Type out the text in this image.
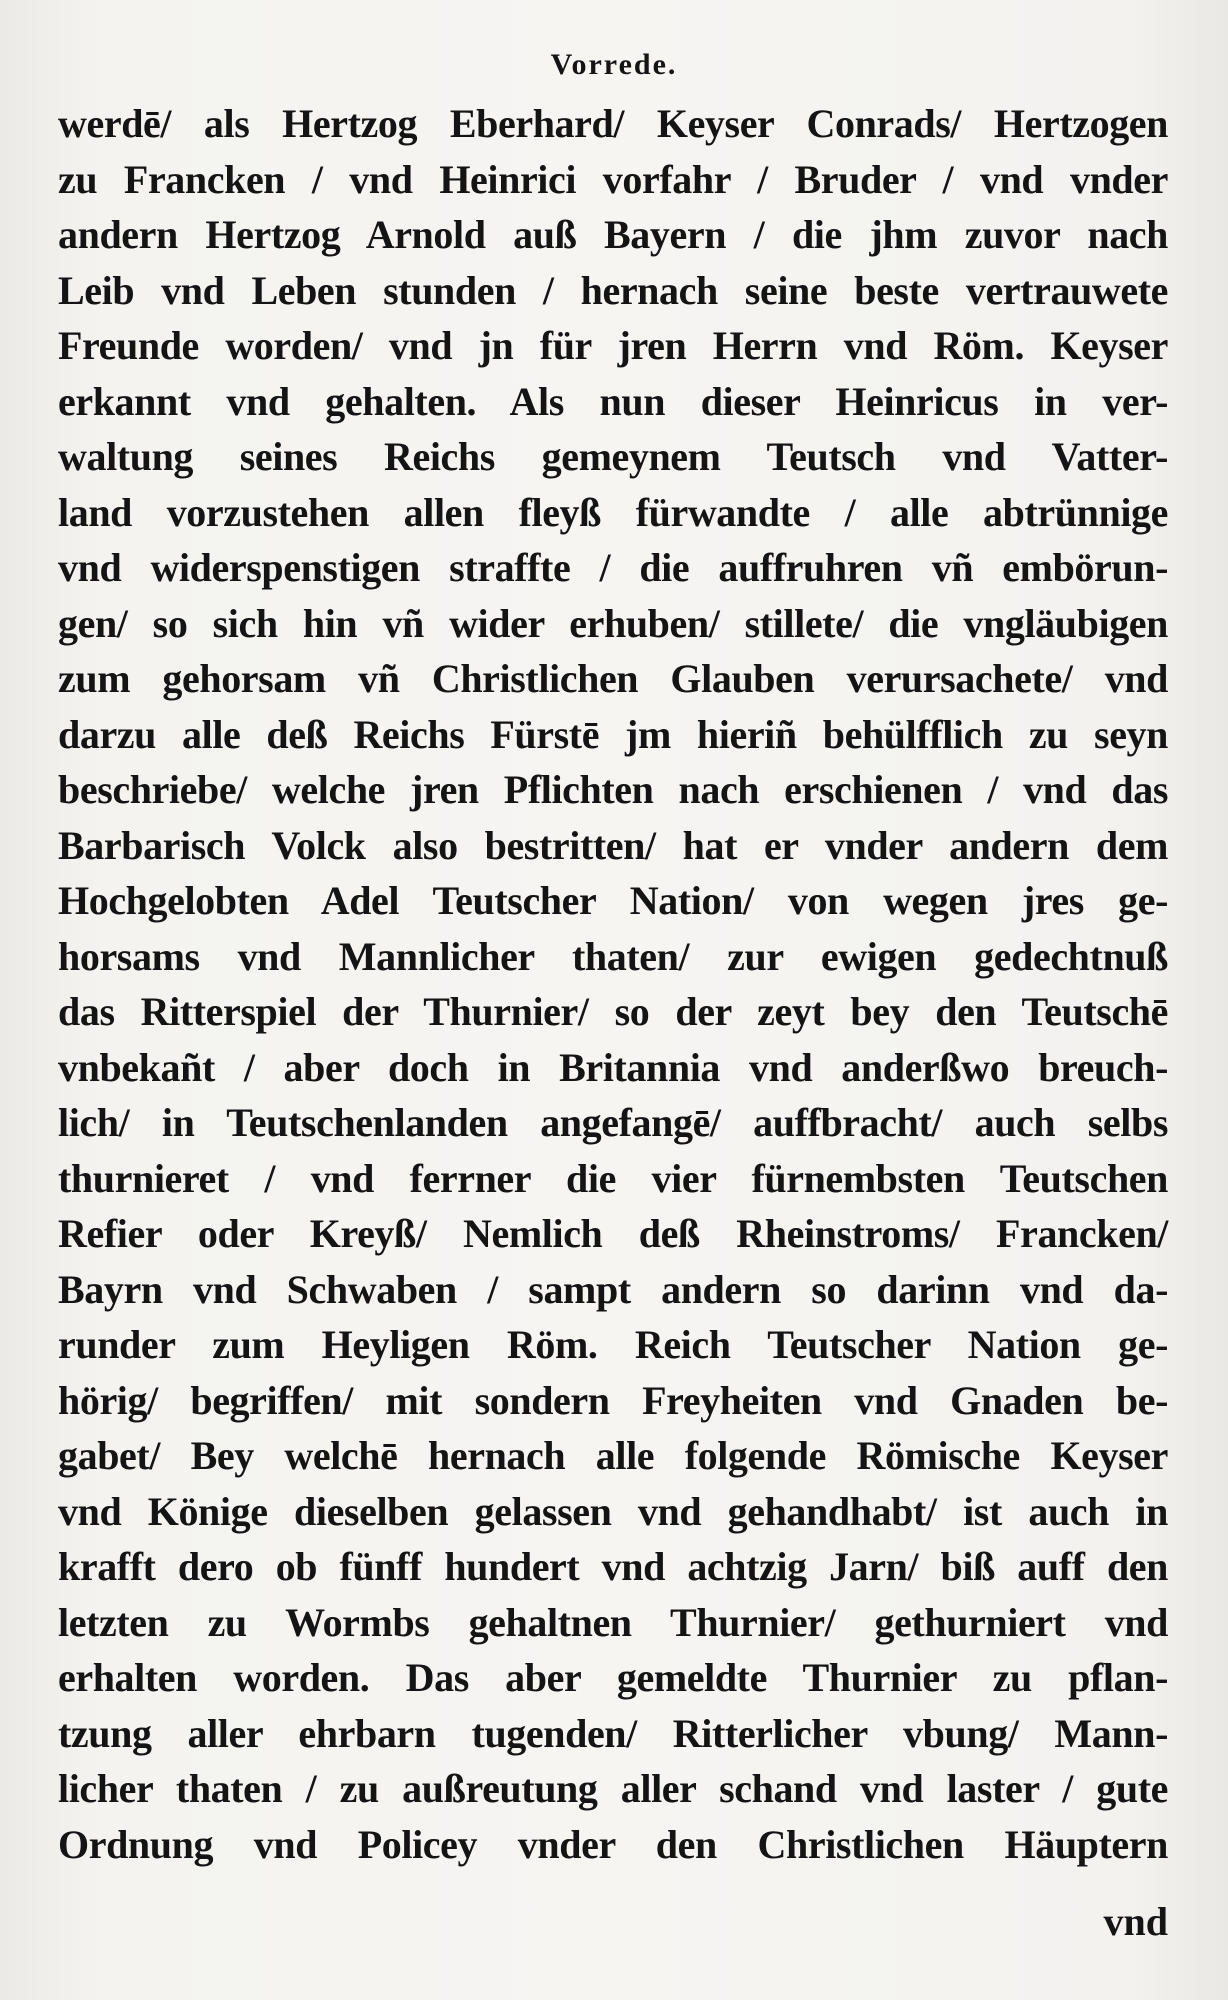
Vorrede.
werdē/ als Hertzog Eberhard/ Keyser Conrads/ Hertzogen
zu Francken / vnd Heinrici vorfahr / Bruder / vnd vnder
andern Hertzog Arnold auß Bayern / die jhm zuvor nach
Leib vnd Leben stunden / hernach seine beste vertrauwete
Freunde worden/ vnd jn für jren Herrn vnd Röm. Keyser
erkannt vnd gehalten. Als nun dieser Heinricus in ver-
waltung seines Reichs gemeynem Teutsch vnd Vatter-
land vorzustehen allen fleyß fürwandte / alle abtrünnige
vnd widerspenstigen straffte / die auffruhren vñ embörun-
gen/ so sich hin vñ wider erhuben/ stillete/ die vngläubigen
zum gehorsam vñ Christlichen Glauben verursachete/ vnd
darzu alle deß Reichs Fürstē jm hieriñ behülfflich zu seyn
beschriebe/ welche jren Pflichten nach erschienen / vnd das
Barbarisch Volck also bestritten/ hat er vnder andern dem
Hochgelobten Adel Teutscher Nation/ von wegen jres ge-
horsams vnd Mannlicher thaten/ zur ewigen gedechtnuß
das Ritterspiel der Thurnier/ so der zeyt bey den Teutschē
vnbekañt / aber doch in Britannia vnd anderßwo breuch-
lich/ in Teutschenlanden angefangē/ auffbracht/ auch selbs
thurnieret / vnd ferrner die vier fürnembsten Teutschen
Refier oder Kreyß/ Nemlich deß Rheinstroms/ Francken/
Bayrn vnd Schwaben / sampt andern so darinn vnd da-
runder zum Heyligen Röm. Reich Teutscher Nation ge-
hörig/ begriffen/ mit sondern Freyheiten vnd Gnaden be-
gabet/ Bey welchē hernach alle folgende Römische Keyser
vnd Könige dieselben gelassen vnd gehandhabt/ ist auch in
krafft dero ob fünff hundert vnd achtzig Jarn/ biß auff den
letzten zu Wormbs gehaltnen Thurnier/ gethurniert vnd
erhalten worden. Das aber gemeldte Thurnier zu pflan-
tzung aller ehrbarn tugenden/ Ritterlicher vbung/ Mann-
licher thaten / zu außreutung aller schand vnd laster / gute
Ordnung vnd Policey vnder den Christlichen Häuptern
vnd
